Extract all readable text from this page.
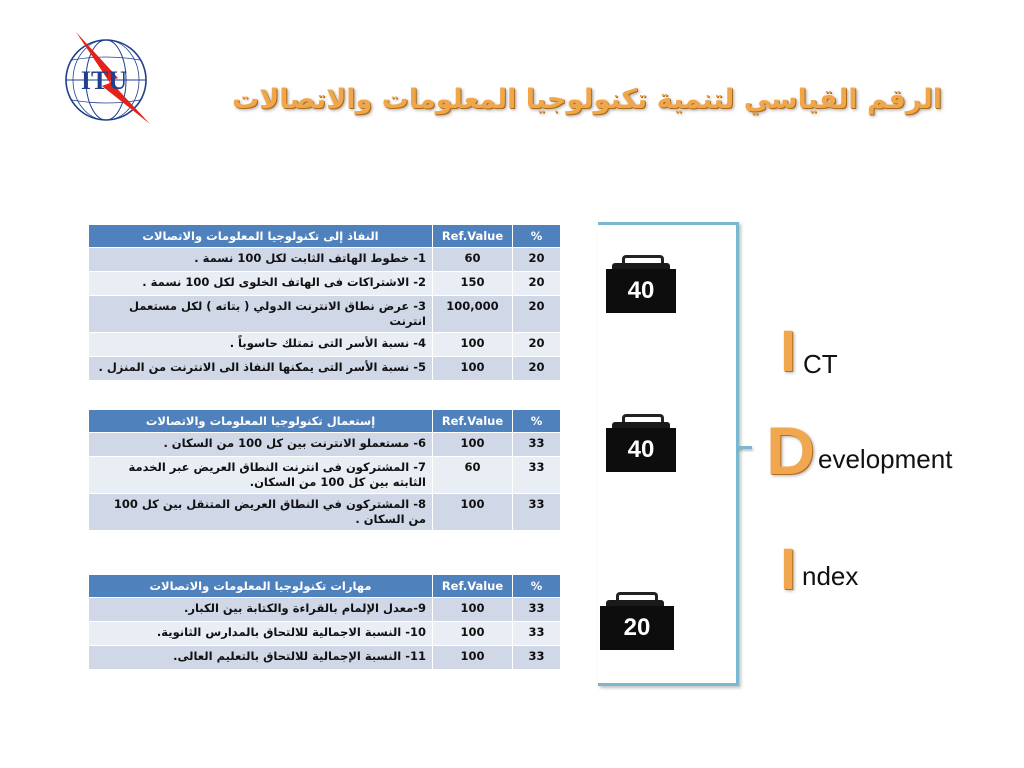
ITU
الرقم القياسي لتنمية تكنولوجيا المعلومات والاتصالات
النفاذ إلى تكنولوجيا المعلومات والاتصالات	Ref.Value	%
1- خطوط الهاتف الثابت لكل 100 نسمة .	60	20
2- الاشتراكات فى الهاتف الخلوى لكل 100 نسمة .	150	20
3- عرض نطاق الانترنت الدولي ( بتاته ) لكل مستعمل انترنت	100,000	20
4- نسبة الأسر التى تمتلك حاسوباً .	100	20
5- نسبة الأسر التى يمكنها النفاذ الى الانترنت من المنزل .	100	20
إستعمال تكنولوجيا المعلومات والاتصالات	Ref.Value	%
6- مستعملو الانترنت بين كل 100 من السكان .	100	33
7- المشتركون فى انترنت النطاق العريض عبر الخدمة الثابته بين كل 100 من السكان.	60	33
8- المشتركون في النطاق العريض المتنقل بين كل 100 من السكان .	100	33
مهارات تكنولوجيا المعلومات والاتصالات	Ref.Value	%
9-معدل الإلمام بالقراءة والكتابة بين الكبار.	100	33
10- النسبة الاجمالية للالتحاق بالمدارس الثانوية.	100	33
11- النسبة الإجمالية للالتحاق بالتعليم العالى.	100	33
40
40
20
I CT
D evelopment
I ndex
